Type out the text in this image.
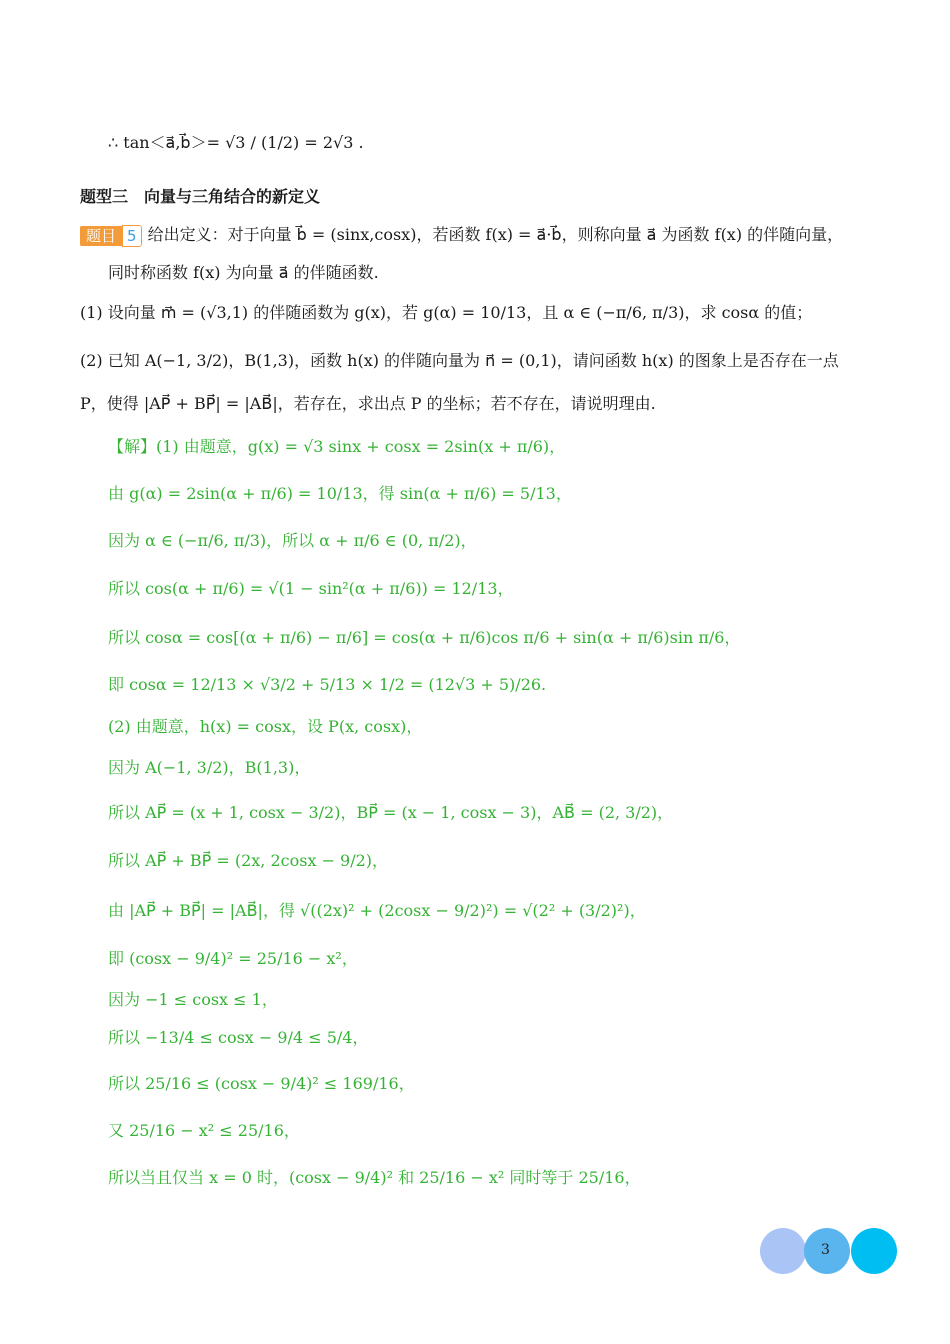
∴ tan＜a⃗,b⃗＞= √3 / (1/2) = 2√3 .
题型三　向量与三角结合的新定义
题目 5 给出定义：对于向量 b⃗ = (sinx,cosx)，若函数 f(x) = a⃗·b⃗，则称向量 a⃗ 为函数 f(x) 的伴随向量，
同时称函数 f(x) 为向量 a⃗ 的伴随函数.
(1) 设向量 m⃗ = (√3,1) 的伴随函数为 g(x)，若 g(α) = 10/13，且 α ∈ (−π/6, π/3)，求 cosα 的值；
(2) 已知 A(−1, 3/2)，B(1,3)，函数 h(x) 的伴随向量为 n⃗ = (0,1)，请问函数 h(x) 的图象上是否存在一点
P，使得 |AP⃗ + BP⃗| = |AB⃗|，若存在，求出点 P 的坐标；若不存在，请说明理由.
【解】(1) 由题意，g(x) = √3 sinx + cosx = 2sin(x + π/6)，
由 g(α) = 2sin(α + π/6) = 10/13，得 sin(α + π/6) = 5/13，
因为 α ∈ (−π/6, π/3)，所以 α + π/6 ∈ (0, π/2)，
所以 cos(α + π/6) = √(1 − sin²(α + π/6)) = 12/13，
所以 cosα = cos[(α + π/6) − π/6] = cos(α + π/6)cos π/6 + sin(α + π/6)sin π/6，
即 cosα = 12/13 × √3/2 + 5/13 × 1/2 = (12√3 + 5)/26.
(2) 由题意，h(x) = cosx，设 P(x, cosx)，
因为 A(−1, 3/2)，B(1,3)，
所以 AP⃗ = (x + 1, cosx − 3/2)，BP⃗ = (x − 1, cosx − 3)，AB⃗ = (2, 3/2)，
所以 AP⃗ + BP⃗ = (2x, 2cosx − 9/2)，
由 |AP⃗ + BP⃗| = |AB⃗|，得 √((2x)² + (2cosx − 9/2)²) = √(2² + (3/2)²)，
即 (cosx − 9/4)² = 25/16 − x²，
因为 −1 ≤ cosx ≤ 1，
所以 −13/4 ≤ cosx − 9/4 ≤ 5/4，
所以 25/16 ≤ (cosx − 9/4)² ≤ 169/16，
又 25/16 − x² ≤ 25/16，
所以当且仅当 x = 0 时，(cosx − 9/4)² 和 25/16 − x² 同时等于 25/16，
3
